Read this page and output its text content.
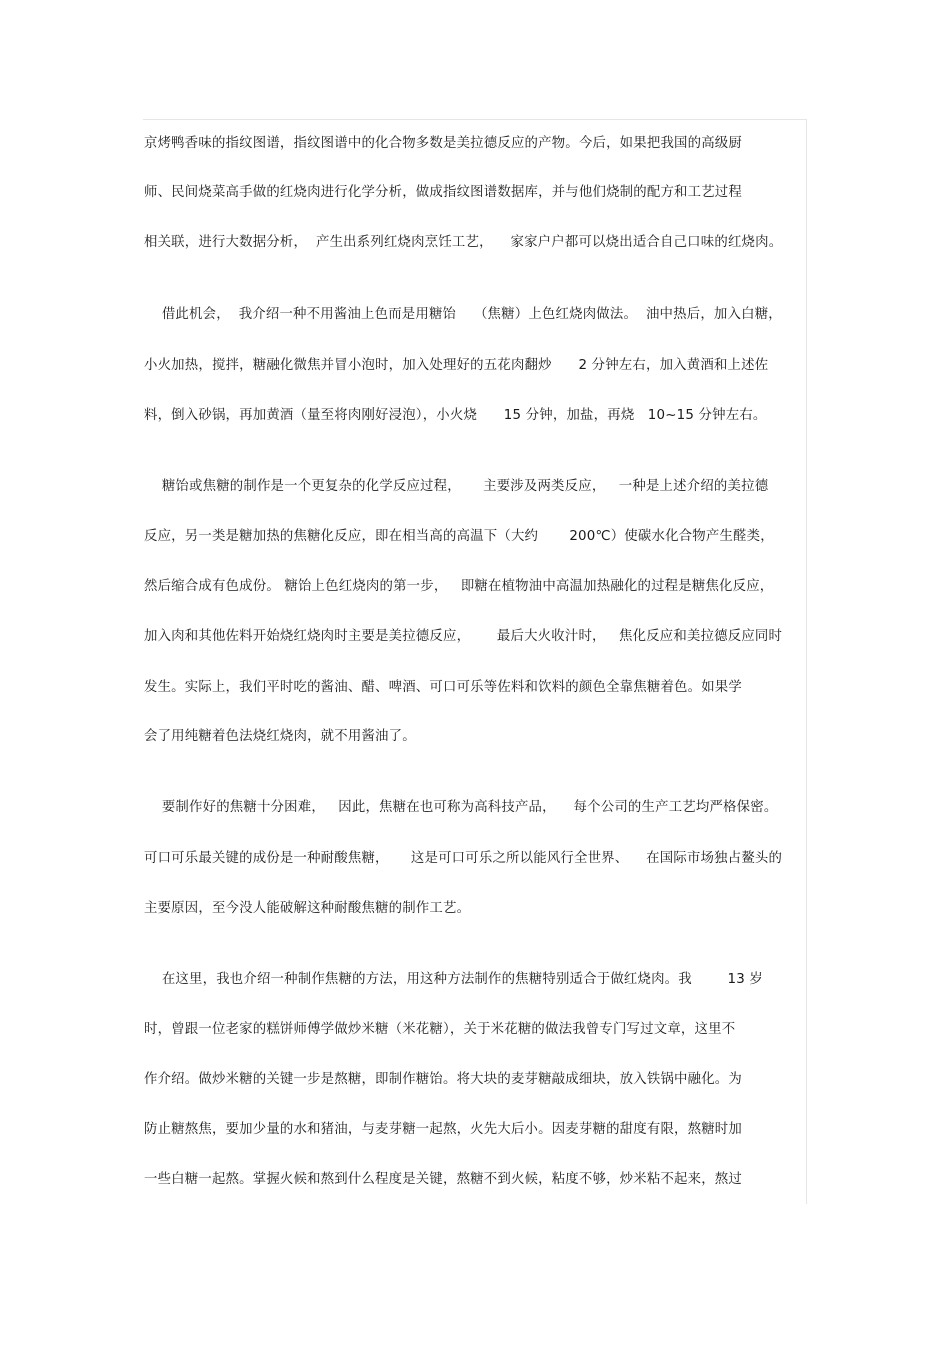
京烤鸭香味的指纹图谱，指纹图谱中的化合物多数是美拉德反应的产物。今后，如果把我国的高级厨
师、民间烧菜高手做的红烧肉进行化学分析，做成指纹图谱数据库，并与他们烧制的配方和工艺过程
相关联，进行大数据分析，  产生出系列红烧肉烹饪工艺，    家家户户都可以烧出适合自己口味的红烧肉。
借此机会，  我介绍一种不用酱油上色而是用糖饴    （焦糖）上色红烧肉做法。  油中热后，加入白糖，
小火加热，搅拌，糖融化微焦并冒小泡时，加入处理好的五花肉翻炒      2 分钟左右，加入黄酒和上述佐
料，倒入砂锅，再加黄酒（量至将肉刚好浸泡），小火烧      15 分钟，加盐，再烧   10~15 分钟左右。
糖饴或焦糖的制作是一个更复杂的化学反应过程，     主要涉及两类反应，   一种是上述介绍的美拉德
反应，另一类是糖加热的焦糖化反应，即在相当高的高温下（大约       200℃）使碳水化合物产生醛类，
然后缩合成有色成份。 糖饴上色红烧肉的第一步，   即糖在植物油中高温加热融化的过程是糖焦化反应，
加入肉和其他佐料开始烧红烧肉时主要是美拉德反应，      最后大火收汁时，   焦化反应和美拉德反应同时
发生。实际上，我们平时吃的酱油、醋、啤酒、可口可乐等佐料和饮料的颜色全靠焦糖着色。如果学
会了用纯糖着色法烧红烧肉，就不用酱油了。
要制作好的焦糖十分困难，   因此，焦糖在也可称为高科技产品，    每个公司的生产工艺均严格保密。
可口可乐最关键的成份是一种耐酸焦糖，     这是可口可乐之所以能风行全世界、    在国际市场独占鳌头的
主要原因，至今没人能破解这种耐酸焦糖的制作工艺。
在这里，我也介绍一种制作焦糖的方法，用这种方法制作的焦糖特别适合于做红烧肉。我        13 岁
时，曾跟一位老家的糕饼师傅学做炒米糖（米花糖），关于米花糖的做法我曾专门写过文章，这里不
作介绍。做炒米糖的关键一步是熬糖，即制作糖饴。将大块的麦芽糖敲成细块，放入铁锅中融化。为
防止糖熬焦，要加少量的水和猪油，与麦芽糖一起熬，火先大后小。因麦芽糖的甜度有限，熬糖时加
一些白糖一起熬。掌握火候和熬到什么程度是关键，熬糖不到火候，粘度不够，炒米粘不起来，熬过
